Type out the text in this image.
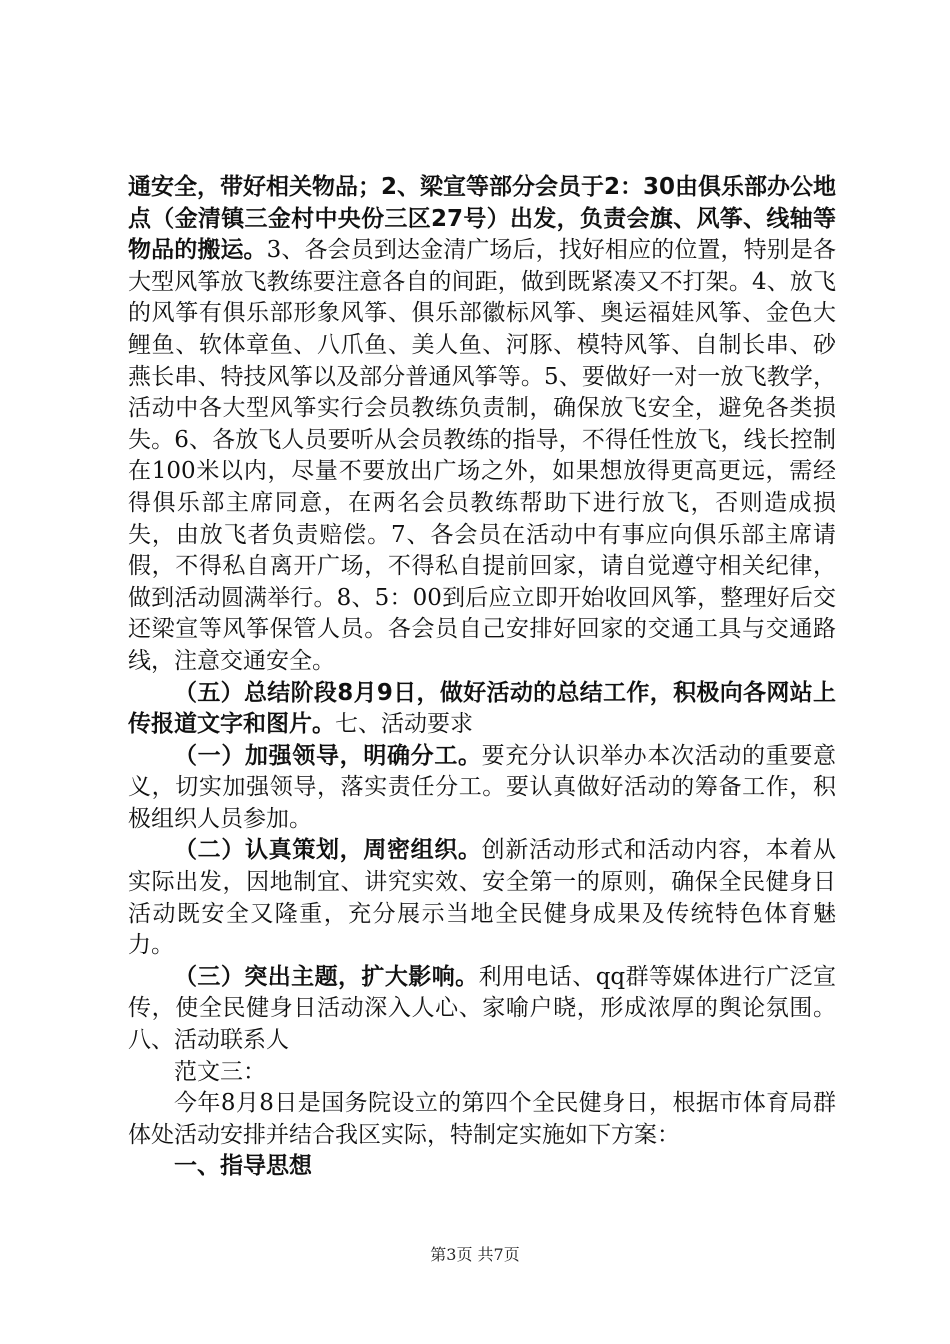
通安全，带好相关物品；2、梁宣等部分会员于2：30由俱乐部办公地点（金清镇三金村中央份三区27号）出发，负责会旗、风筝、线轴等物品的搬运。3、各会员到达金清广场后，找好相应的位置，特别是各大型风筝放飞教练要注意各自的间距，做到既紧凑又不打架。4、放飞的风筝有俱乐部形象风筝、俱乐部徽标风筝、奥运福娃风筝、金色大鲤鱼、软体章鱼、八爪鱼、美人鱼、河豚、模特风筝、自制长串、砂燕长串、特技风筝以及部分普通风筝等。5、要做好一对一放飞教学，活动中各大型风筝实行会员教练负责制，确保放飞安全，避免各类损失。6、各放飞人员要听从会员教练的指导，不得任性放飞，线长控制在100米以内，尽量不要放出广场之外，如果想放得更高更远，需经得俱乐部主席同意，在两名会员教练帮助下进行放飞，否则造成损失，由放飞者负责赔偿。7、各会员在活动中有事应向俱乐部主席请假，不得私自离开广场，不得私自提前回家，请自觉遵守相关纪律，做到活动圆满举行。8、5：00到后应立即开始收回风筝，整理好后交还梁宣等风筝保管人员。各会员自己安排好回家的交通工具与交通路线，注意交通安全。

（五）总结阶段8月9日，做好活动的总结工作，积极向各网站上传报道文字和图片。七、活动要求

（一）加强领导，明确分工。要充分认识举办本次活动的重要意义，切实加强领导，落实责任分工。要认真做好活动的筹备工作，积极组织人员参加。

（二）认真策划，周密组织。创新活动形式和活动内容，本着从实际出发，因地制宜、讲究实效、安全第一的原则，确保全民健身日活动既安全又隆重，充分展示当地全民健身成果及传统特色体育魅力。

（三）突出主题，扩大影响。利用电话、qq群等媒体进行广泛宣传，使全民健身日活动深入人心、家喻户晓，形成浓厚的舆论氛围。八、活动联系人

范文三：

今年8月8日是国务院设立的第四个全民健身日，根据市体育局群体处活动安排并结合我区实际，特制定实施如下方案：

一、指导思想

第3页 共7页
